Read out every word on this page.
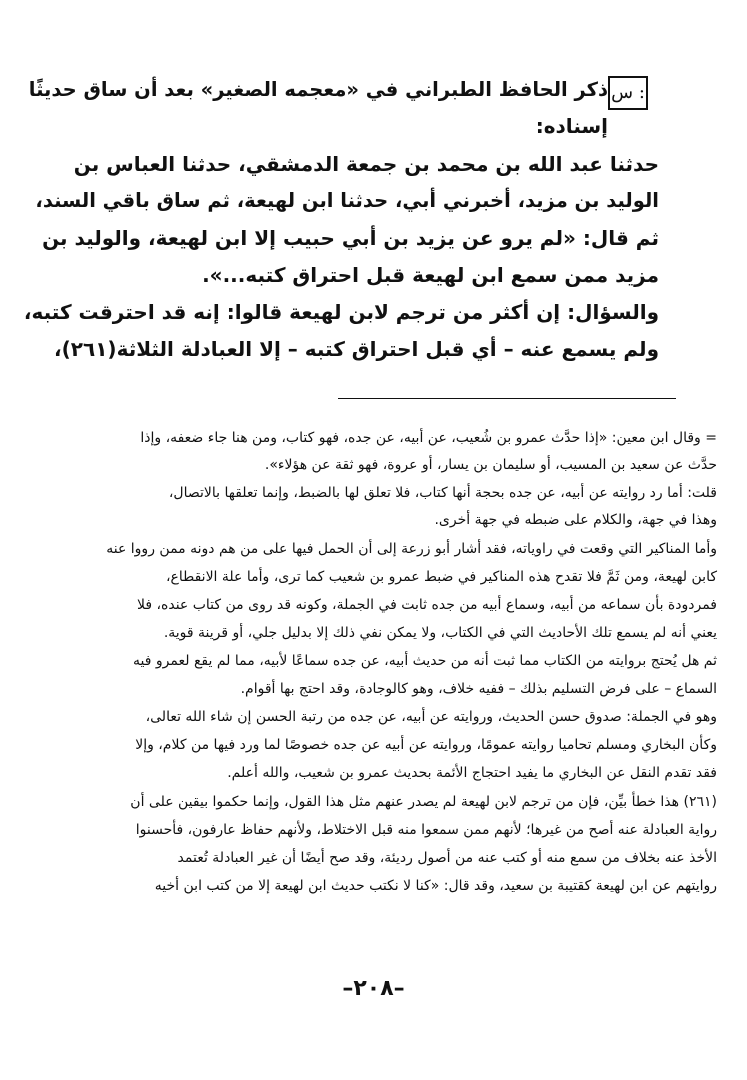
س :
ذكر الحافظ الطبراني في «معجمه الصغير» بعد أن ساق حديثًا
إسناده:
حدثنا عبد الله بن محمد بن جمعة الدمشقي، حدثنا العباس بن
الوليد بن مزيد، أخبرني أبي، حدثنا ابن لهيعة، ثم ساق باقي السند،
ثم قال: «لم يرو عن يزيد بن أبي حبيب إلا ابن لهيعة، والوليد بن
مزيد ممن سمع ابن لهيعة قبل احتراق كتبه...».
والسؤال: إن أكثر من ترجم لابن لهيعة قالوا: إنه قد احترقت كتبه،
ولم يسمع عنه – أي قبل احتراق كتبه – إلا العبادلة الثلاثة(٢٦١)،
= وقال ابن معين: «إذا حدَّث عمرو بن شُعيب، عن أبيه، عن جده، فهو كتاب، ومن هنا جاء ضعفه، وإذا
حدَّث عن سعيد بن المسيب، أو سليمان بن يسار، أو عروة، فهو ثقة عن هؤلاء».
قلت: أما رد روايته عن أبيه، عن جده بحجة أنها كتاب، فلا تعلق لها بالضبط، وإنما تعلقها بالاتصال،
وهذا في جهة، والكلام على ضبطه في جهة أخرى.
وأما المناكير التي وقعت في راوياته، فقد أشار أبو زرعة إلى أن الحمل فيها على من هم دونه ممن رووا عنه
كابن لهيعة، ومن ثَمَّ فلا تقدح هذه المناكير في ضبط عمرو بن شعيب كما ترى، وأما علة الانقطاع،
فمردودة بأن سماعه من أبيه، وسماع أبيه من جده ثابت في الجملة، وكونه قد روى من كتاب عنده، فلا
يعني أنه لم يسمع تلك الأحاديث التي في الكتاب، ولا يمكن نفي ذلك إلا بدليل جلي، أو قرينة قوية.
ثم هل يُحتج بروايته من الكتاب مما ثبت أنه من حديث أبيه، عن جده سماعًا لأبيه، مما لم يقع لعمرو فيه
السماع – على فرض التسليم بذلك – ففيه خلاف، وهو كالوجادة، وقد احتج بها أقوام.
وهو في الجملة: صدوق حسن الحديث، وروايته عن أبيه، عن جده من رتبة الحسن إن شاء الله تعالى،
وكأن البخاري ومسلم تحاميا روايته عمومًا، وروايته عن أبيه عن جده خصوصًا لما ورد فيها من كلام، وإلا
فقد تقدم النقل عن البخاري ما يفيد احتجاج الأئمة بحديث عمرو بن شعيب، والله أعلم.
(٢٦١) هذا خطأ بيِّن، فإن من ترجم لابن لهيعة لم يصدر عنهم مثل هذا القول، وإنما حكموا بيقين على أن
رواية العبادلة عنه أصح من غيرها؛ لأنهم ممن سمعوا منه قبل الاختلاط، ولأنهم حفاظ عارفون، فأحسنوا
الأخذ عنه بخلاف من سمع منه أو كتب عنه من أصول رديئة، وقد صح أيضًا أن غير العبادلة تُعتمد
روايتهم عن ابن لهيعة كقتيبة بن سعيد، وقد قال: «كنا لا نكتب حديث ابن لهيعة إلا من كتب ابن أخيه
–٢٠٨–
